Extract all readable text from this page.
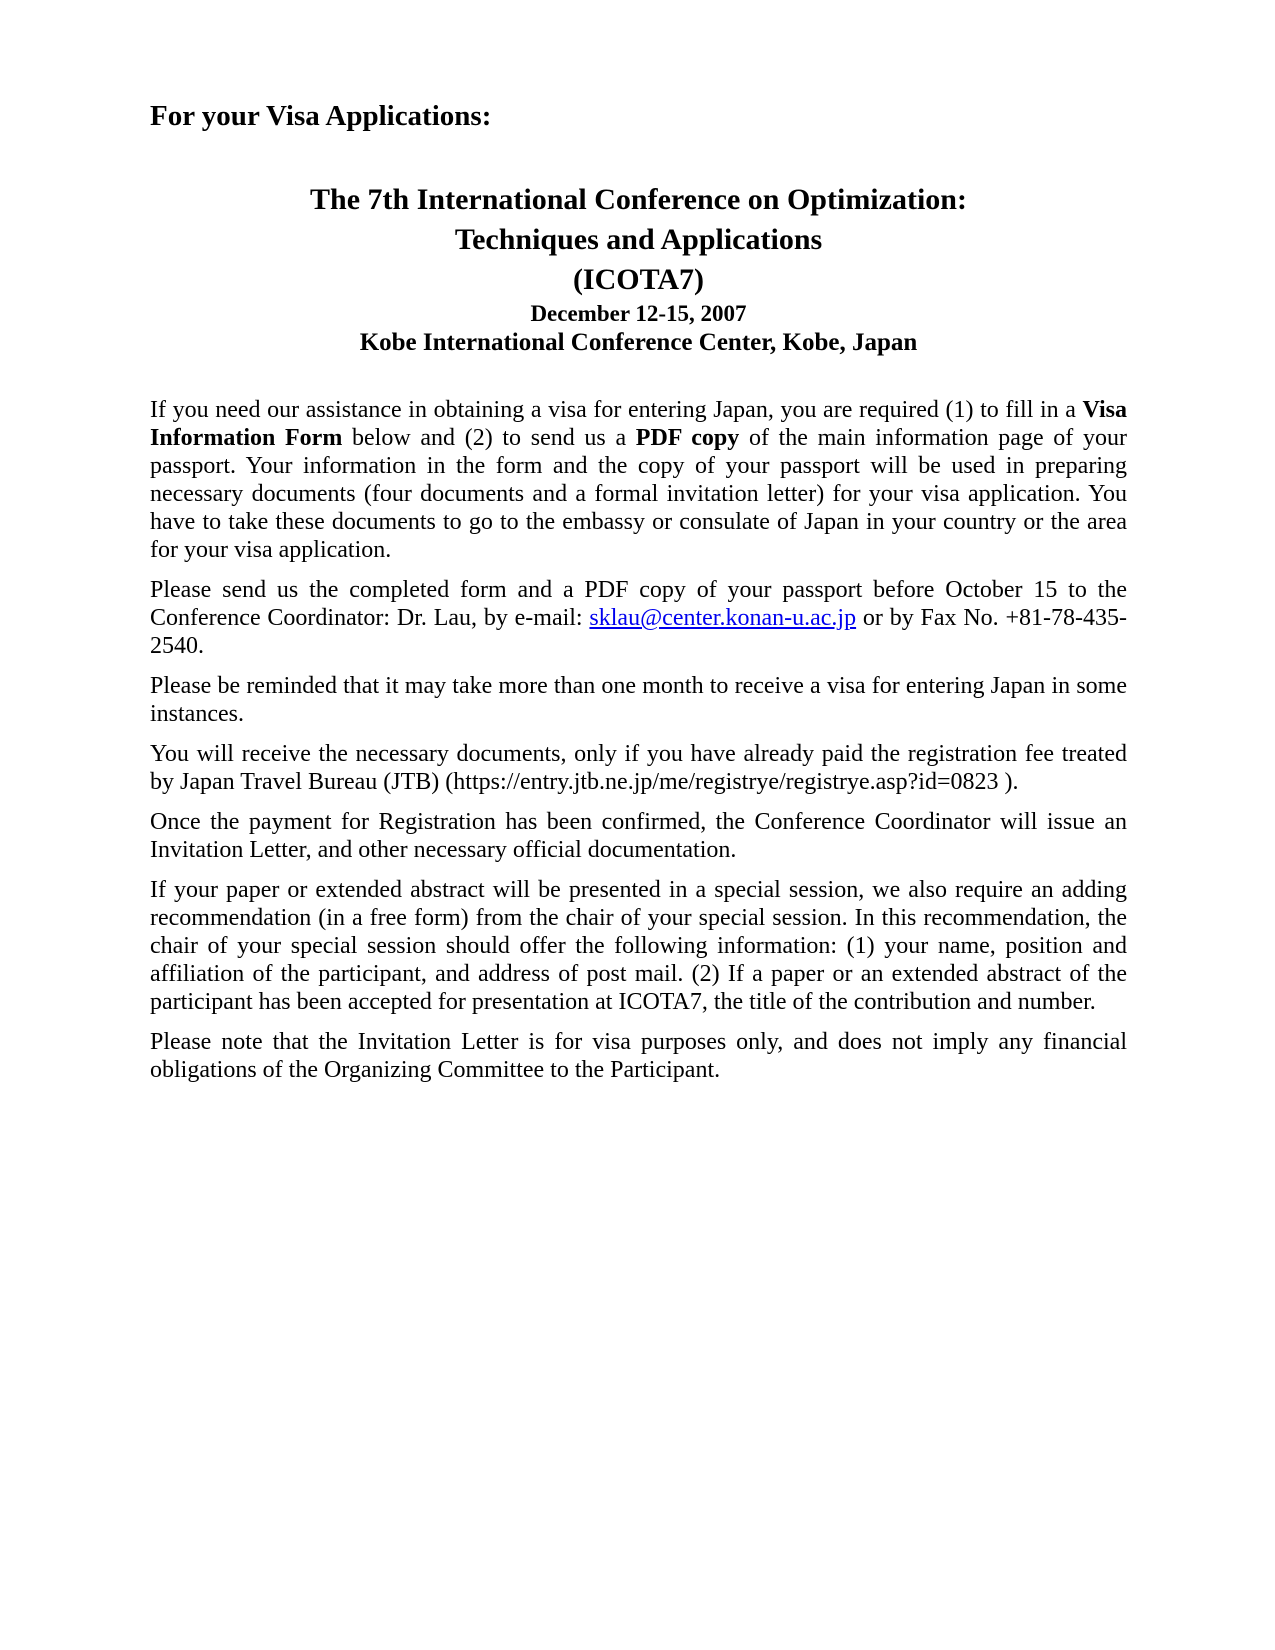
For your Visa Applications:
The 7th International Conference on Optimization:
Techniques and Applications
(ICOTA7)
December 12-15, 2007
Kobe International Conference Center, Kobe, Japan

If you need our assistance in obtaining a visa for entering Japan, you are required (1) to fill in a Visa Information Form below and (2) to send us a PDF copy of the main information page of your passport. Your information in the form and the copy of your passport will be used in preparing necessary documents (four documents and a formal invitation letter) for your visa application. You have to take these documents to go to the embassy or consulate of Japan in your country or the area for your visa application.

Please send us the completed form and a PDF copy of your passport before October 15 to the Conference Coordinator: Dr. Lau, by e-mail: sklau@center.konan-u.ac.jp or by Fax No. +81-78-435-2540.

Please be reminded that it may take more than one month to receive a visa for entering Japan in some instances.

You will receive the necessary documents, only if you have already paid the registration fee treated by Japan Travel Bureau (JTB) (https://entry.jtb.ne.jp/me/registrye/registrye.asp?id=0823 ).

Once the payment for Registration has been confirmed, the Conference Coordinator will issue an Invitation Letter, and other necessary official documentation.

If your paper or extended abstract will be presented in a special session, we also require an adding recommendation (in a free form) from the chair of your special session. In this recommendation, the chair of your special session should offer the following information: (1) your name, position and affiliation of the participant, and address of post mail. (2) If a paper or an extended abstract of the participant has been accepted for presentation at ICOTA7, the title of the contribution and number.

Please note that the Invitation Letter is for visa purposes only, and does not imply any financial obligations of the Organizing Committee to the Participant.
